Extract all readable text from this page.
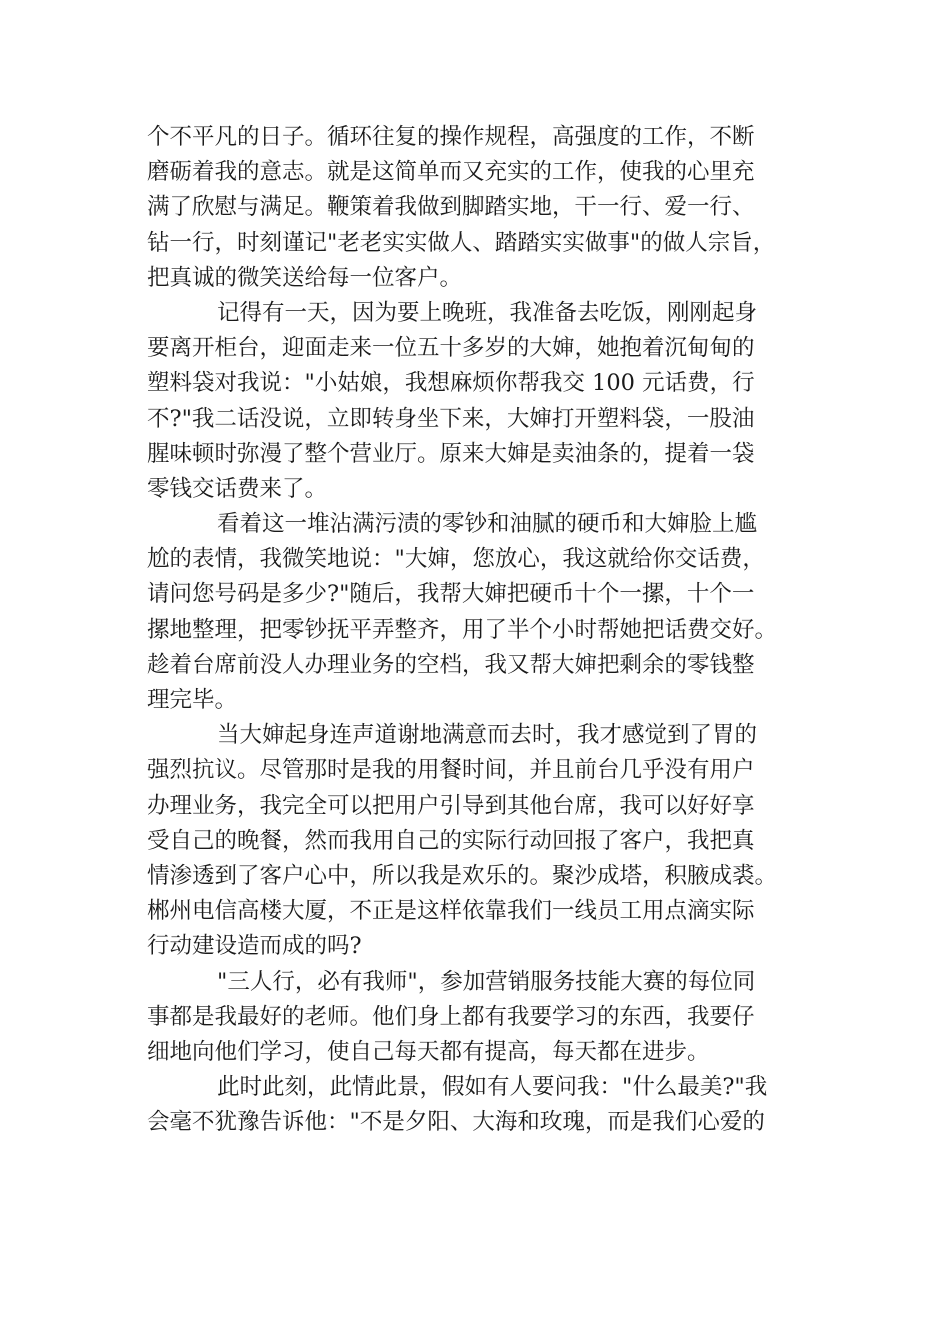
个不平凡的日子。循环往复的操作规程，高强度的工作，不断
磨砺着我的意志。就是这简单而又充实的工作，使我的心里充
满了欣慰与满足。鞭策着我做到脚踏实地，干一行、爱一行、
钻一行，时刻谨记"老老实实做人、踏踏实实做事"的做人宗旨，
把真诚的微笑送给每一位客户。
记得有一天，因为要上晚班，我准备去吃饭，刚刚起身
要离开柜台，迎面走来一位五十多岁的大婶，她抱着沉甸甸的
塑料袋对我说："小姑娘，我想麻烦你帮我交 100 元话费，行
不?"我二话没说，立即转身坐下来，大婶打开塑料袋，一股油
腥味顿时弥漫了整个营业厅。原来大婶是卖油条的，提着一袋
零钱交话费来了。
看着这一堆沾满污渍的零钞和油腻的硬币和大婶脸上尴
尬的表情，我微笑地说："大婶，您放心，我这就给你交话费，
请问您号码是多少?"随后，我帮大婶把硬币十个一摞，十个一
摞地整理，把零钞抚平弄整齐，用了半个小时帮她把话费交好。
趁着台席前没人办理业务的空档，我又帮大婶把剩余的零钱整
理完毕。
当大婶起身连声道谢地满意而去时，我才感觉到了胃的
强烈抗议。尽管那时是我的用餐时间，并且前台几乎没有用户
办理业务，我完全可以把用户引导到其他台席，我可以好好享
受自己的晚餐，然而我用自己的实际行动回报了客户，我把真
情渗透到了客户心中，所以我是欢乐的。聚沙成塔，积腋成裘。
郴州电信高楼大厦，不正是这样依靠我们一线员工用点滴实际
行动建设造而成的吗?
"三人行，必有我师"，参加营销服务技能大赛的每位同
事都是我最好的老师。他们身上都有我要学习的东西，我要仔
细地向他们学习，使自己每天都有提高，每天都在进步。
此时此刻，此情此景，假如有人要问我："什么最美?"我
会毫不犹豫告诉他："不是夕阳、大海和玫瑰，而是我们心爱的
